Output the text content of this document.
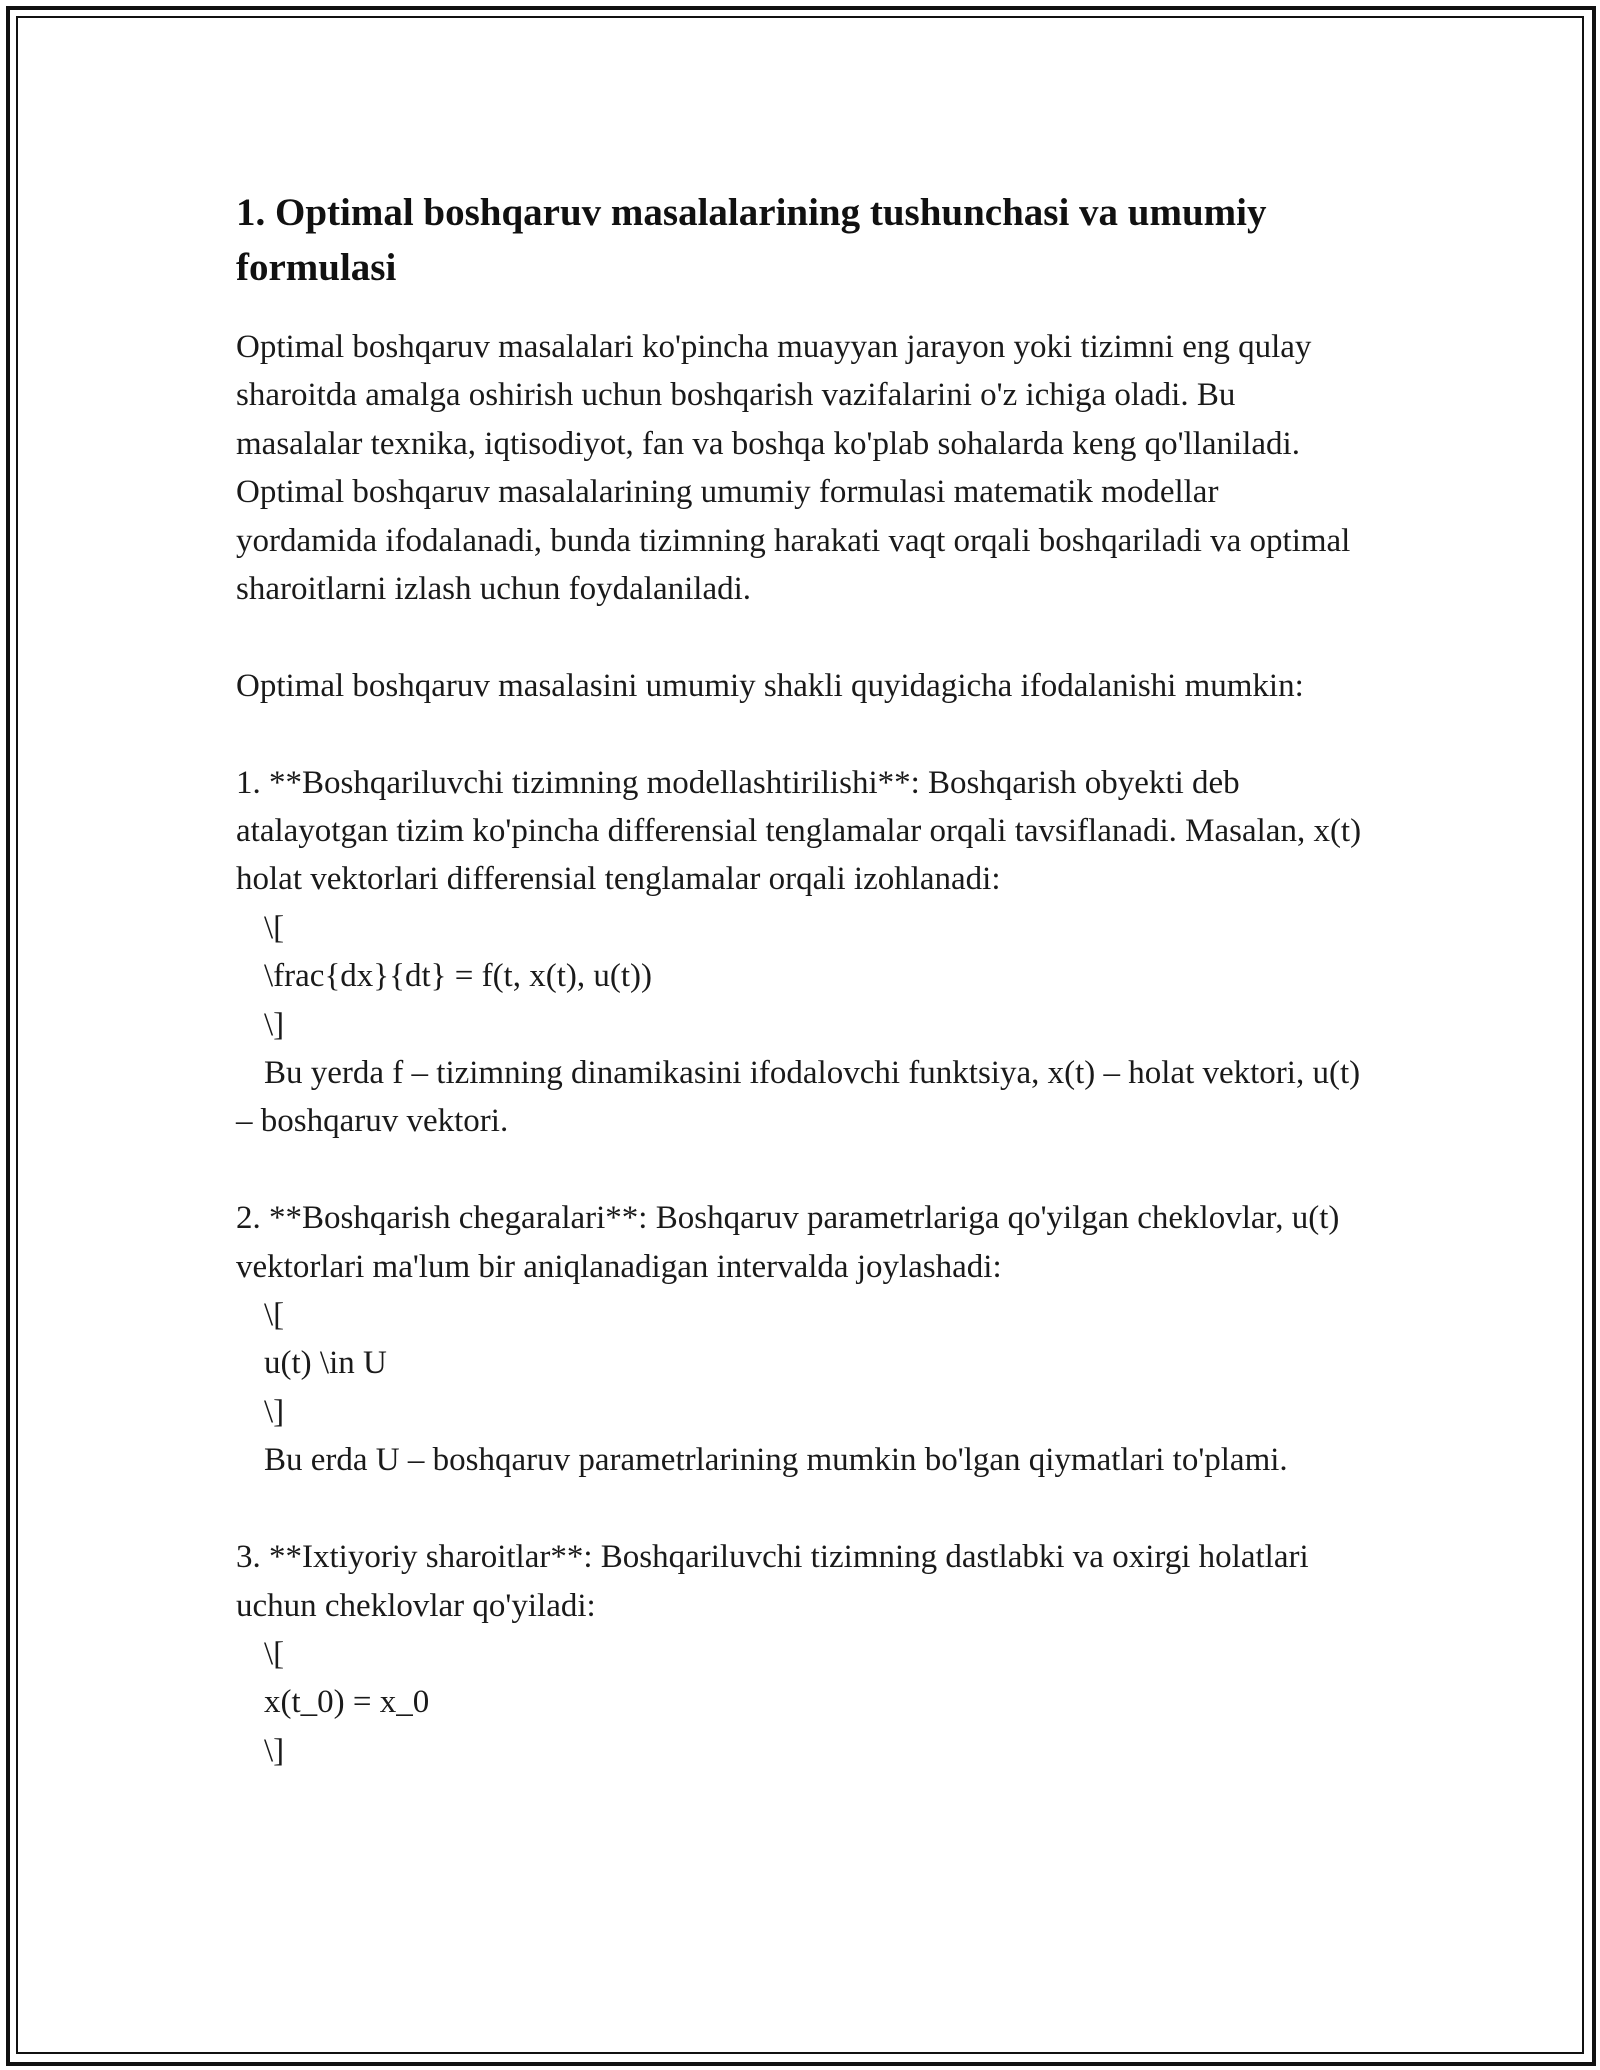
1. Optimal boshqaruv masalalarining tushunchasi va umumiy formulasi

Optimal boshqaruv masalalari ko'pincha muayyan jarayon yoki tizimni eng qulay sharoitda amalga oshirish uchun boshqarish vazifalarini o'z ichiga oladi. Bu masalalar texnika, iqtisodiyot, fan va boshqa ko'plab sohalarda keng qo'llaniladi. Optimal boshqaruv masalalarining umumiy formulasi matematik modellar yordamida ifodalanadi, bunda tizimning harakati vaqt orqali boshqariladi va optimal sharoitlarni izlash uchun foydalaniladi.

Optimal boshqaruv masalasini umumiy shakli quyidagicha ifodalanishi mumkin:

1. **Boshqariluvchi tizimning modellashtirilishi**: Boshqarish obyekti deb atalayotgan tizim ko'pincha differensial tenglamalar orqali tavsiflanadi. Masalan, x(t) holat vektorlari differensial tenglamalar orqali izohlanadi:

\[

\frac{dx}{dt} = f(t, x(t), u(t))

\]

Bu yerda f – tizimning dinamikasini ifodalovchi funktsiya, x(t) – holat vektori, u(t) – boshqaruv vektori.

2. **Boshqarish chegaralari**: Boshqaruv parametrlariga qo'yilgan cheklovlar, u(t) vektorlari ma'lum bir aniqlanadigan intervalda joylashadi:

\[

u(t) \in U

\]

Bu erda U – boshqaruv parametrlarining mumkin bo'lgan qiymatlari to'plami.

3. **Ixtiyoriy sharoitlar**: Boshqariluvchi tizimning dastlabki va oxirgi holatlari uchun cheklovlar qo'yiladi:

\[

x(t_0) = x_0

\]
